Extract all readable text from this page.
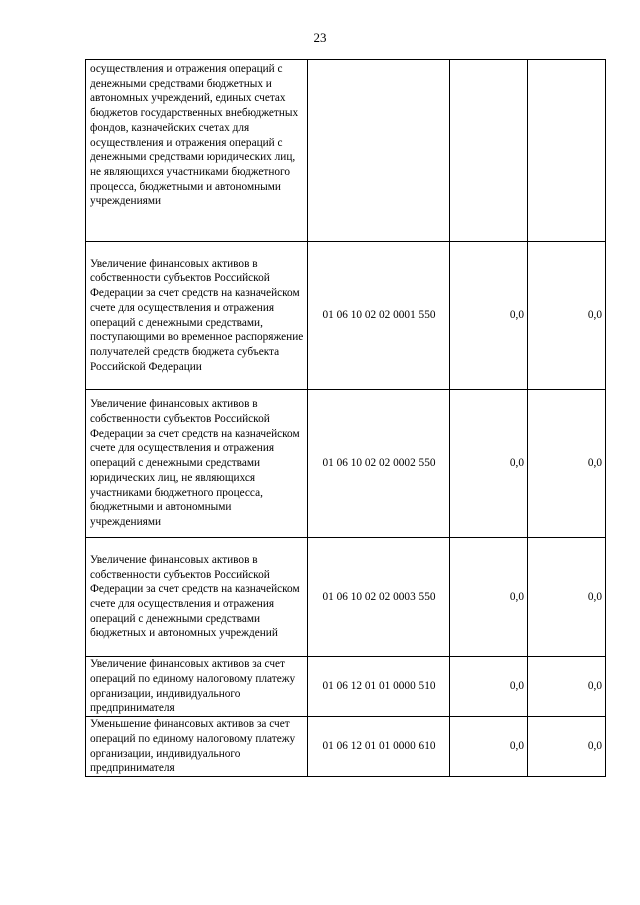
23
осуществления и отражения операций с денежными средствами бюджетных и автономных учреждений, единых счетах бюджетов государственных внебюджетных фондов, казначейских счетах для осуществления и отражения операций с денежными средствами юридических лиц, не являющихся участниками бюджетного процесса, бюджетными и автономными учреждениями			

Увеличение финансовых активов в собственности субъектов Российской Федерации за счет средств на казначейском счете для осуществления и отражения операций с денежными средствами, поступающими во временное распоряжение получателей средств бюджета субъекта Российской Федерации	01 06 10 02 02 0001 550	0,0	0,0
Увеличение финансовых активов в собственности субъектов Российской Федерации за счет средств на казначейском счете для осуществления и отражения операций с денежными средствами юридических лиц, не являющихся участниками бюджетного процесса, бюджетными и автономными учреждениями	01 06 10 02 02 0002 550	0,0	0,0
Увеличение финансовых активов в собственности субъектов Российской Федерации за счет средств на казначейском счете для осуществления и отражения операций с денежными средствами бюджетных и автономных учреждений	01 06 10 02 02 0003 550	0,0	0,0
Увеличение финансовых активов за счет операций по единому налоговому платежу организации, индивидуального предпринимателя	01 06 12 01 01 0000 510	0,0	0,0
Уменьшение финансовых активов за счет операций по единому налоговому платежу организации, индивидуального предпринимателя	01 06 12 01 01 0000 610	0,0	0,0
